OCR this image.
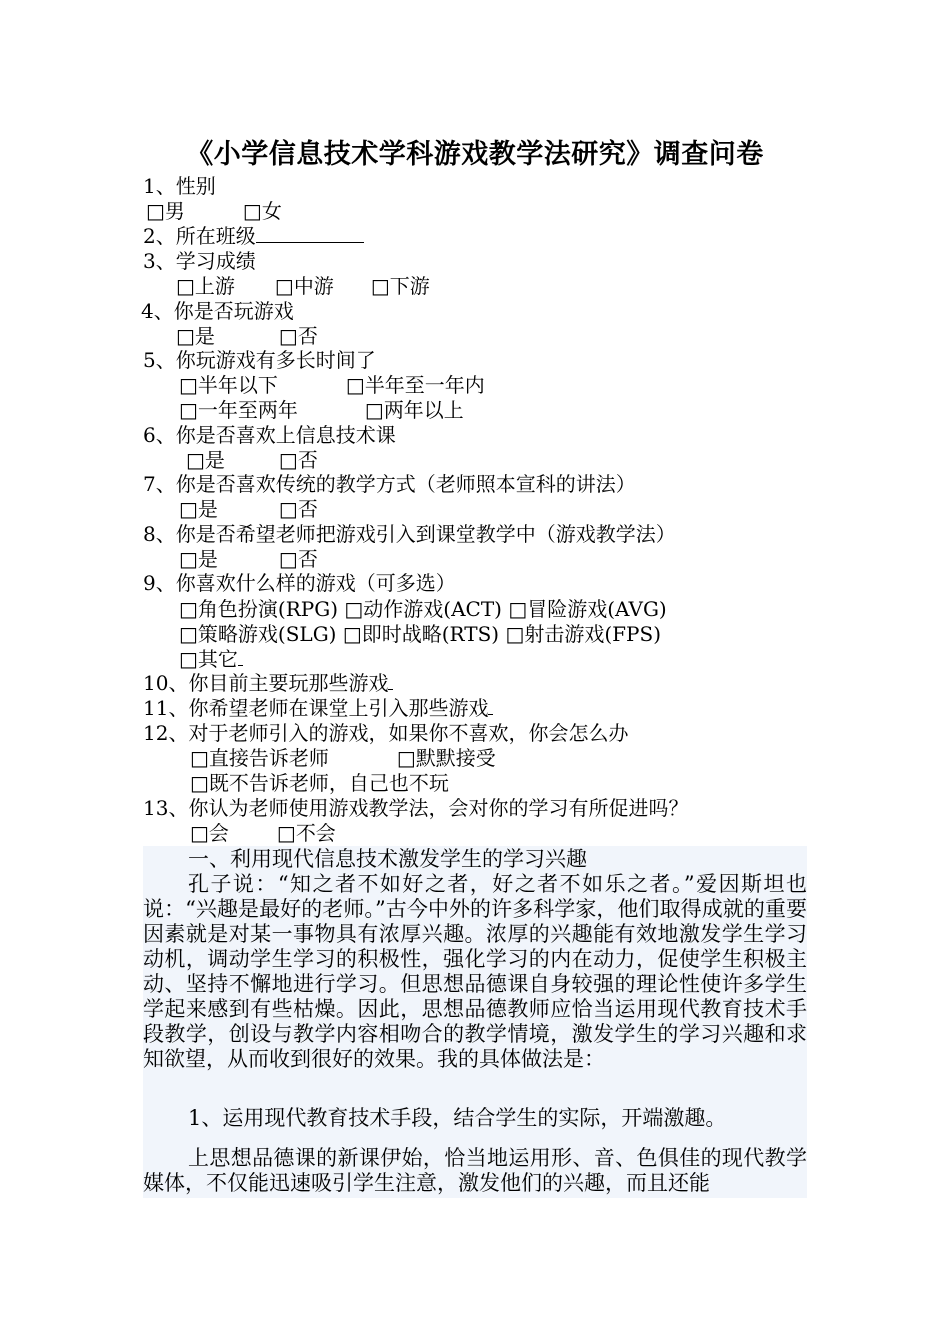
《小学信息技术学科游戏教学法研究》调查问卷
1、性别
□男	□女
2、所在班级
3、学习成绩
□上游 □中游 □下游
4、你是否玩游戏
□是	□否
5、你玩游戏有多长时间了
□半年以下	□半年至一年内
□一年至两年	□两年以上
6、你是否喜欢上信息技术课
□是	□否
7、你是否喜欢传统的教学方式（老师照本宣科的讲法）
□是	□否
8、你是否希望老师把游戏引入到课堂教学中（游戏教学法）
□是	□否
9、你喜欢什么样的游戏（可多选）
□角色扮演(RPG) □动作游戏(ACT) □冒险游戏(AVG)
□策略游戏(SLG) □即时战略(RTS) □射击游戏(FPS)
□其它
10、你目前主要玩那些游戏
11、你希望老师在课堂上引入那些游戏
12、对于老师引入的游戏，如果你不喜欢，你会怎么办
□直接告诉老师	□默默接受
□既不告诉老师，自己也不玩
13、你认为老师使用游戏教学法，会对你的学习有所促进吗？
□会 □不会
一、利用现代信息技术激发学生的学习兴趣
孔子说：“知之者不如好之者，好之者不如乐之者。”爱因斯坦也说：“兴趣是最好的老师。”古今中外的许多科学家，他们取得成就的重要因素就是对某一事物具有浓厚兴趣。浓厚的兴趣能有效地激发学生学习动机，调动学生学习的积极性，强化学习的内在动力，促使学生积极主动、坚持不懈地进行学习。但思想品德课自身较强的理论性使许多学生学起来感到有些枯燥。因此，思想品德教师应恰当运用现代教育技术手段教学，创设与教学内容相吻合的教学情境，激发学生的学习兴趣和求知欲望，从而收到很好的效果。我的具体做法是：
1、运用现代教育技术手段，结合学生的实际，开端激趣。
上思想品德课的新课伊始，恰当地运用形、音、色俱佳的现代教学媒体，不仅能迅速吸引学生注意，激发他们的兴趣，而且还能
